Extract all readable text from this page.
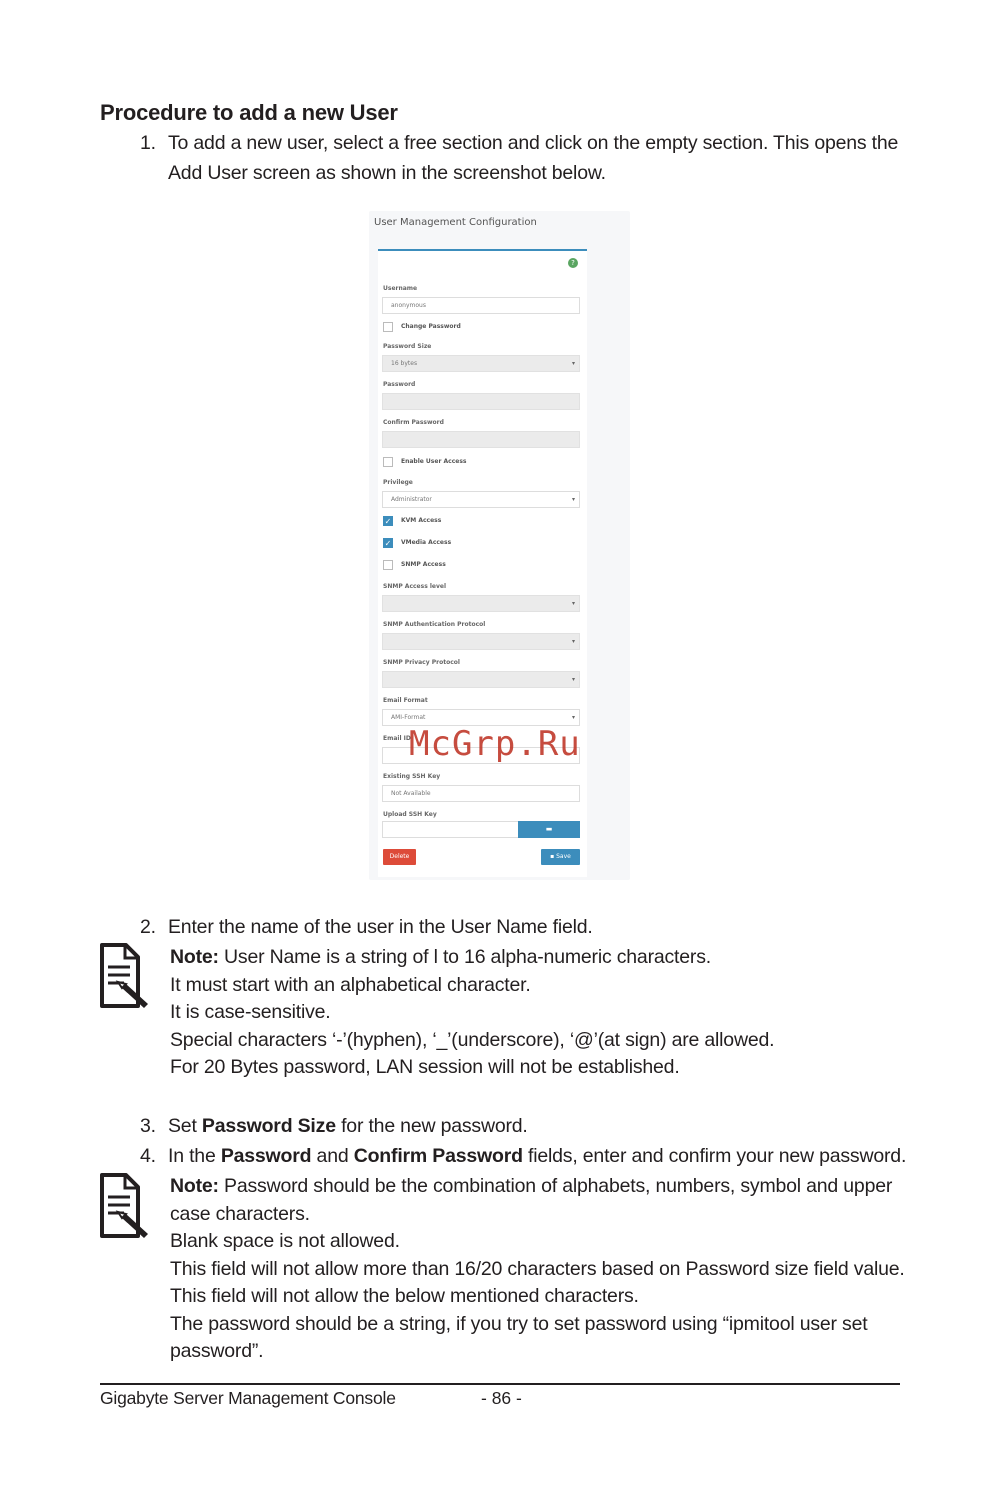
Procedure to add a new User
1. To add a new user, select a free section and click on the empty section. This opens the
Add User screen as shown in the screenshot below.
User Management Configuration
?
Username
anonymous
Change Password
Password Size
16 bytes	▾
Password
Confirm Password
Enable User Access
Privilege
Administrator	▾
✓ KVM Access
✓ VMedia Access
SNMP Access
SNMP Access level
▾
SNMP Authentication Protocol
▾
SNMP Privacy Protocol
▾
Email Format
AMI-Format	▾
Email ID
Existing SSH Key
Not Available
Upload SSH Key
▬
Delete	▪ Save
McGrp.Ru
2. Enter the name of the user in the User Name field.
Note: User Name is a string of l to 16 alpha-numeric characters.
It must start with an alphabetical character.
It is case-sensitive.
Special characters ‘-’(hyphen), ‘_’(underscore), ‘@’(at sign) are allowed.
For 20 Bytes password, LAN session will not be established.
3. Set Password Size for the new password.
4. In the Password and Confirm Password fields, enter and confirm your new password.
Note: Password should be the combination of alphabets, numbers, symbol and upper
case characters.
Blank space is not allowed.
This field will not allow more than 16/20 characters based on Password size field value.
This field will not allow the below mentioned characters.
The password should be a string, if you try to set password using “ipmitool user set
password”.
Gigabyte Server Management Console	- 86 -
